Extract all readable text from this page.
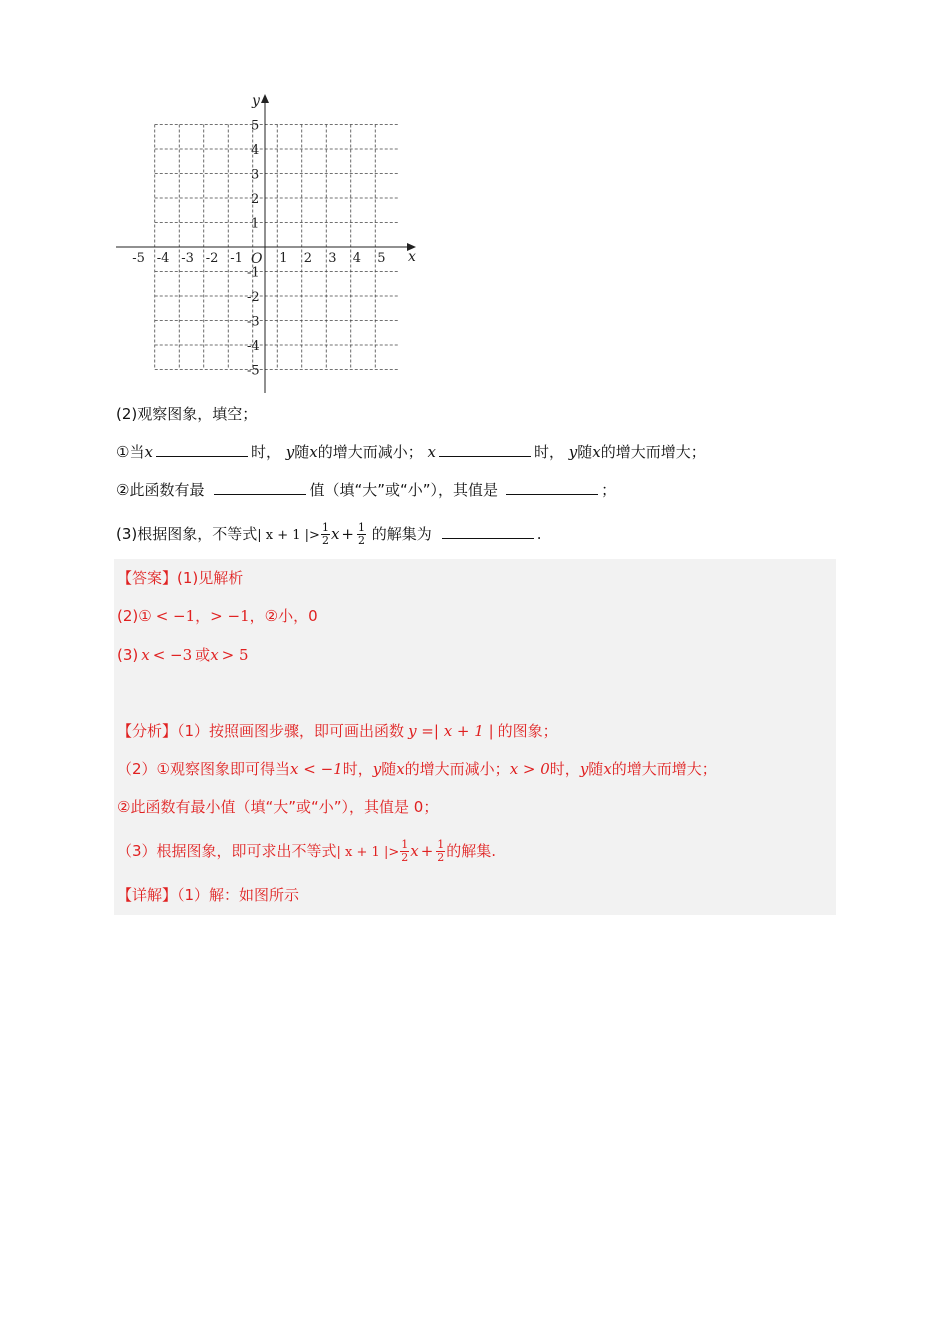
-5 -4 -3 -2 -1	1 2 3 4 5
5
4
3
2
1
-1
-2
-3
-4
-5
x
y
O
(2)观察图象，填空；
①当x	时， y随x的增大而减小； x	时， y随x的增大而增大；
②此函数有最	值（填“大”或“小”），其值是	；
(3)根据图象，不等式| x + 1 |> $\frac{1}{2}$ $x + \frac{1}{2}$ 的解集为	.
【答案】(1)见解析
(2)① < −1，> −1，②小，0
(3) x < −3 或x > 5
【分析】（1）按照画图步骤，即可画出函数 y =| x + 1 | 的图象；
（2）①观察图象即可得当x < −1时，y随x的增大而减小；x > 0时，y随x的增大而增大；
②此函数有最小值（填“大”或“小”），其值是 0；
（3）根据图象，即可求出不等式| x + 1 |> $\frac{1}{2}$ $x + \frac{1}{2}$ 的解集.
【详解】（1）解：如图所示
